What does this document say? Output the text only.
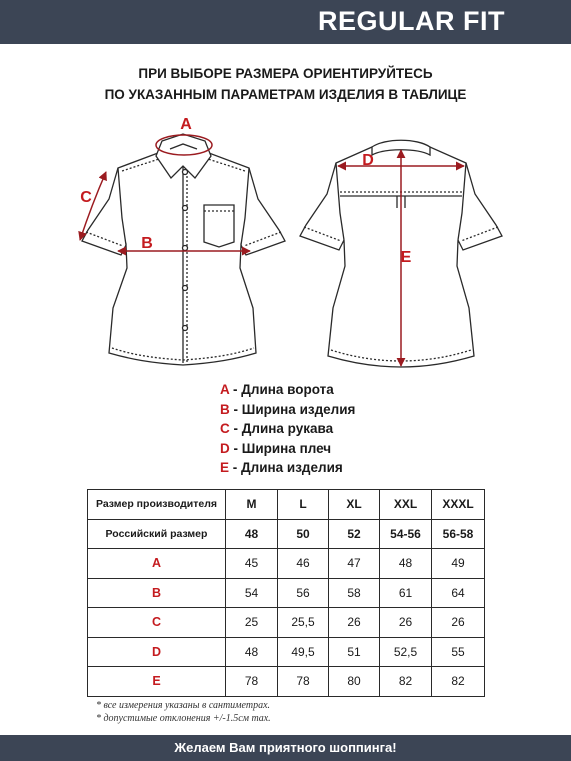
REGULAR FIT
ПРИ ВЫБОРЕ РАЗМЕРА ОРИЕНТИРУЙТЕСЬ
ПО УКАЗАННЫМ ПАРАМЕТРАМ ИЗДЕЛИЯ В ТАБЛИЦЕ
A
B
C
D
E
A - Длина ворота
B - Ширина изделия
C - Длина рукава
D - Ширина плеч
E - Длина изделия
Размер производителя	M	L	XL	XXL	XXXL
Российский размер	48	50	52	54-56	56-58
A	45	46	47	48	49
B	54	56	58	61	64
C	25	25,5	26	26	26
D	48	49,5	51	52,5	55
E	78	78	80	82	82
* все измерения указаны в сантиметрах.
* допустимые отклонения +/-1.5см max.
Желаем Вам приятного шоппинга!
